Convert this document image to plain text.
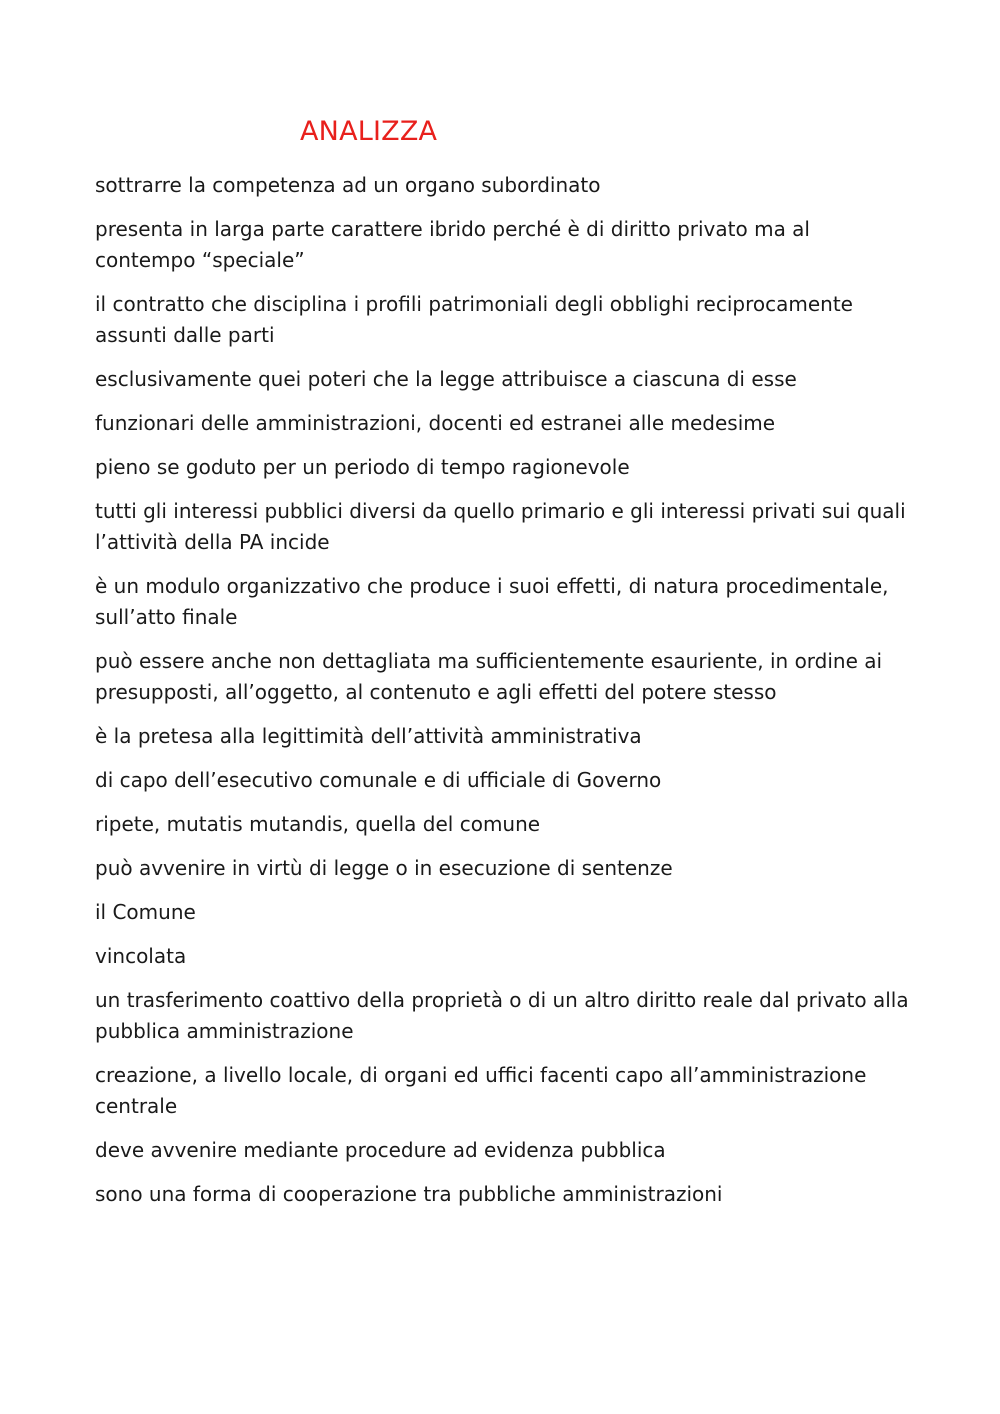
ANALIZZA

sottrarre la competenza ad un organo subordinato

presenta in larga parte carattere ibrido perché è di diritto privato ma al

contempo “speciale”

il contratto che disciplina i profili patrimoniali degli obblighi reciprocamente

assunti dalle parti

esclusivamente quei poteri che la legge attribuisce a ciascuna di esse

funzionari delle amministrazioni, docenti ed estranei alle medesime

pieno se goduto per un periodo di tempo ragionevole

tutti gli interessi pubblici diversi da quello primario e gli interessi privati sui quali

l’attività della PA incide

è un modulo organizzativo che produce i suoi effetti, di natura procedimentale,

sull’atto finale

può essere anche non dettagliata ma sufficientemente esauriente, in ordine ai

presupposti, all’oggetto, al contenuto e agli effetti del potere stesso

è la pretesa alla legittimità dell’attività amministrativa

di capo dell’esecutivo comunale e di ufficiale di Governo

ripete, mutatis mutandis, quella del comune

può avvenire in virtù di legge o in esecuzione di sentenze

il Comune

vincolata

un trasferimento coattivo della proprietà o di un altro diritto reale dal privato alla

pubblica amministrazione

creazione, a livello locale, di organi ed uffici facenti capo all’amministrazione

centrale

deve avvenire mediante procedure ad evidenza pubblica

sono una forma di cooperazione tra pubbliche amministrazioni
